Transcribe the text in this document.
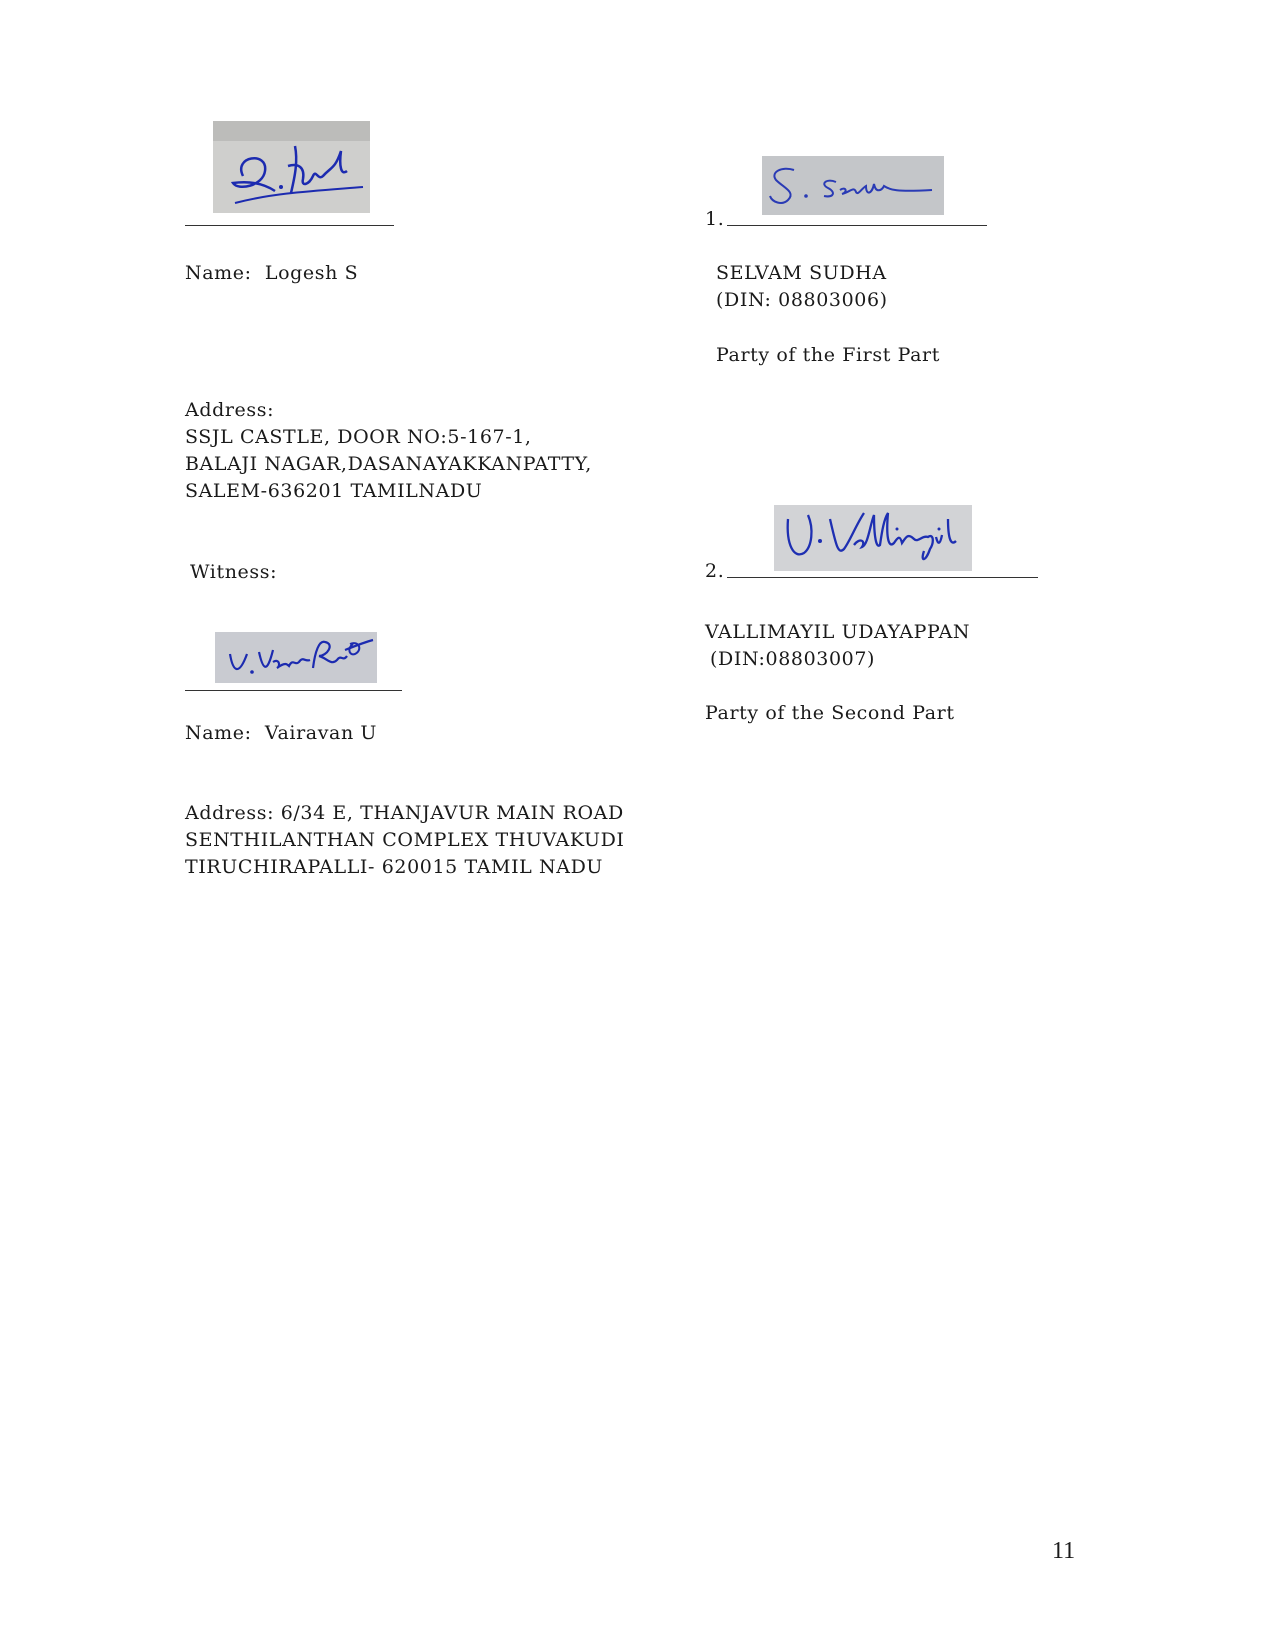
Name: Logesh S
Address:
SSJL CASTLE, DOOR NO:5-167-1,
BALAJI NAGAR,DASANAYAKKANPATTY,
SALEM-636201 TAMILNADU
Witness:
Name: Vairavan U
Address: 6/34 E, THANJAVUR MAIN ROAD
SENTHILANTHAN COMPLEX THUVAKUDI
TIRUCHIRAPALLI- 620015 TAMIL NADU
1.
SELVAM SUDHA
(DIN: 08803006)
Party of the First Part
2.
VALLIMAYIL UDAYAPPAN
(DIN:08803007)
Party of the Second Part
11
